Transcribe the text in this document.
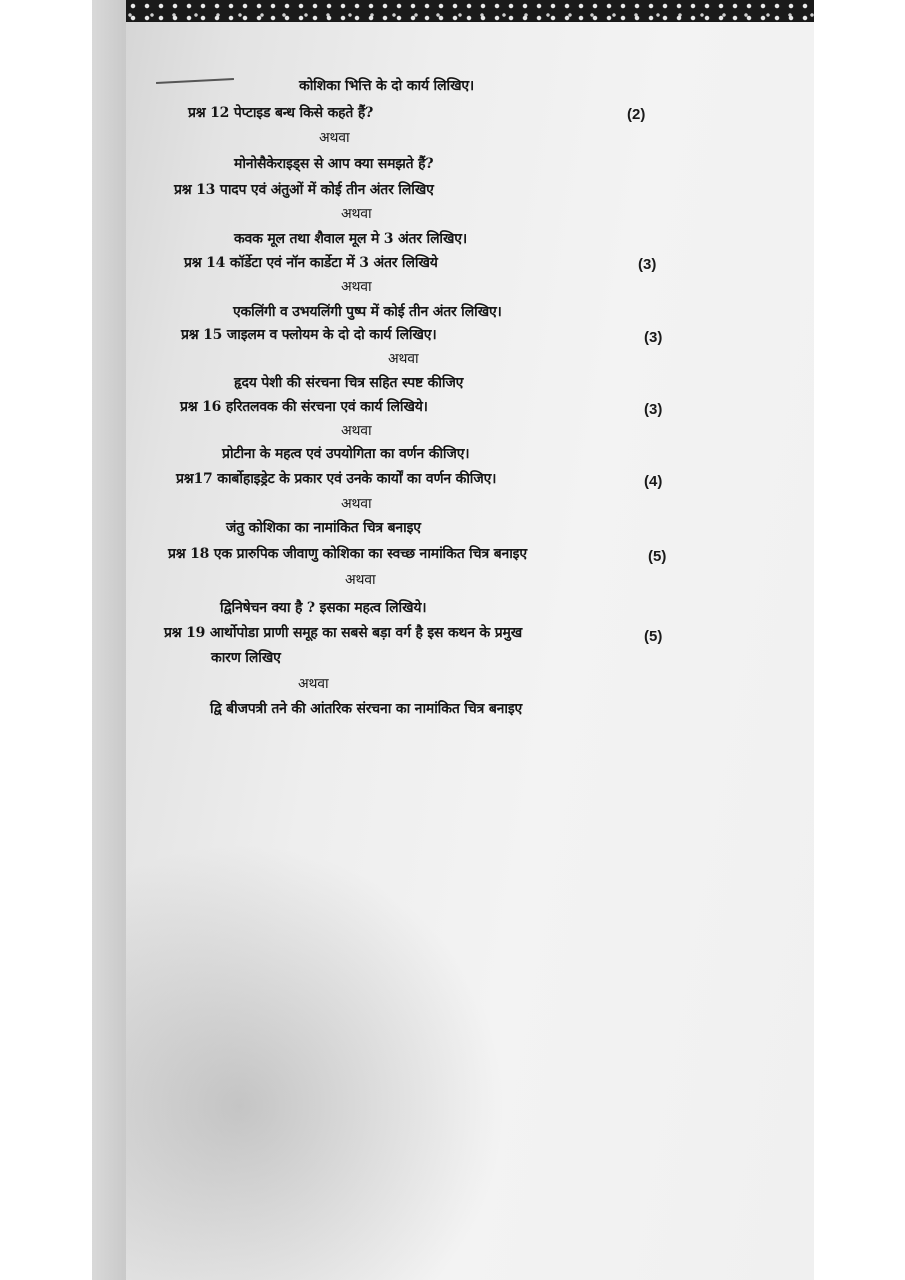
कोशिका भित्ति के दो कार्य लिखिए।
प्रश्न 12 पेप्टाइड बन्ध किसे कहते हैं?
अथवा
मोनोसैकेराइड्स से आप क्या समझते हैं?
प्रश्न 13 पादप एवं अंतुओं में कोई तीन अंतर लिखिए
अथवा
कवक मूल तथा शैवाल मूल मे 3 अंतर लिखिए।
प्रश्न 14 कॉर्डेटा एवं नॉन कार्डेटा में 3 अंतर लिखिये
अथवा
एकलिंगी व उभयलिंगी पुष्प में कोई तीन अंतर लिखिए।
प्रश्न 15 जाइलम व फ्लोयम के दो दो कार्य लिखिए।
अथवा
हृदय पेशी की संरचना चित्र सहित स्पष्ट कीजिए
प्रश्न 16 हरितलवक की संरचना एवं कार्य लिखिये।
अथवा
प्रोटीना के महत्व एवं उपयोगिता का वर्णन कीजिए।
प्रश्न17 कार्बोहाइड्रेट के प्रकार एवं उनके कार्यों का वर्णन कीजिए।
अथवा
जंतु कोशिका का नामांकित चित्र बनाइए
प्रश्न 18 एक प्रारुपिक जीवाणु कोशिका का स्वच्छ नामांकित चित्र बनाइए
अथवा
द्विनिषेचन क्या है ? इसका महत्व लिखिये।
प्रश्न 19 आर्थोपोडा प्राणी समूह का सबसे बड़ा वर्ग है इस कथन के प्रमुख
कारण लिखिए
अथवा
द्वि बीजपत्री तने की आंतरिक संरचना का नामांकित चित्र बनाइए
(2)
(3)
(3)
(3)
(4)
(5)
(5)
